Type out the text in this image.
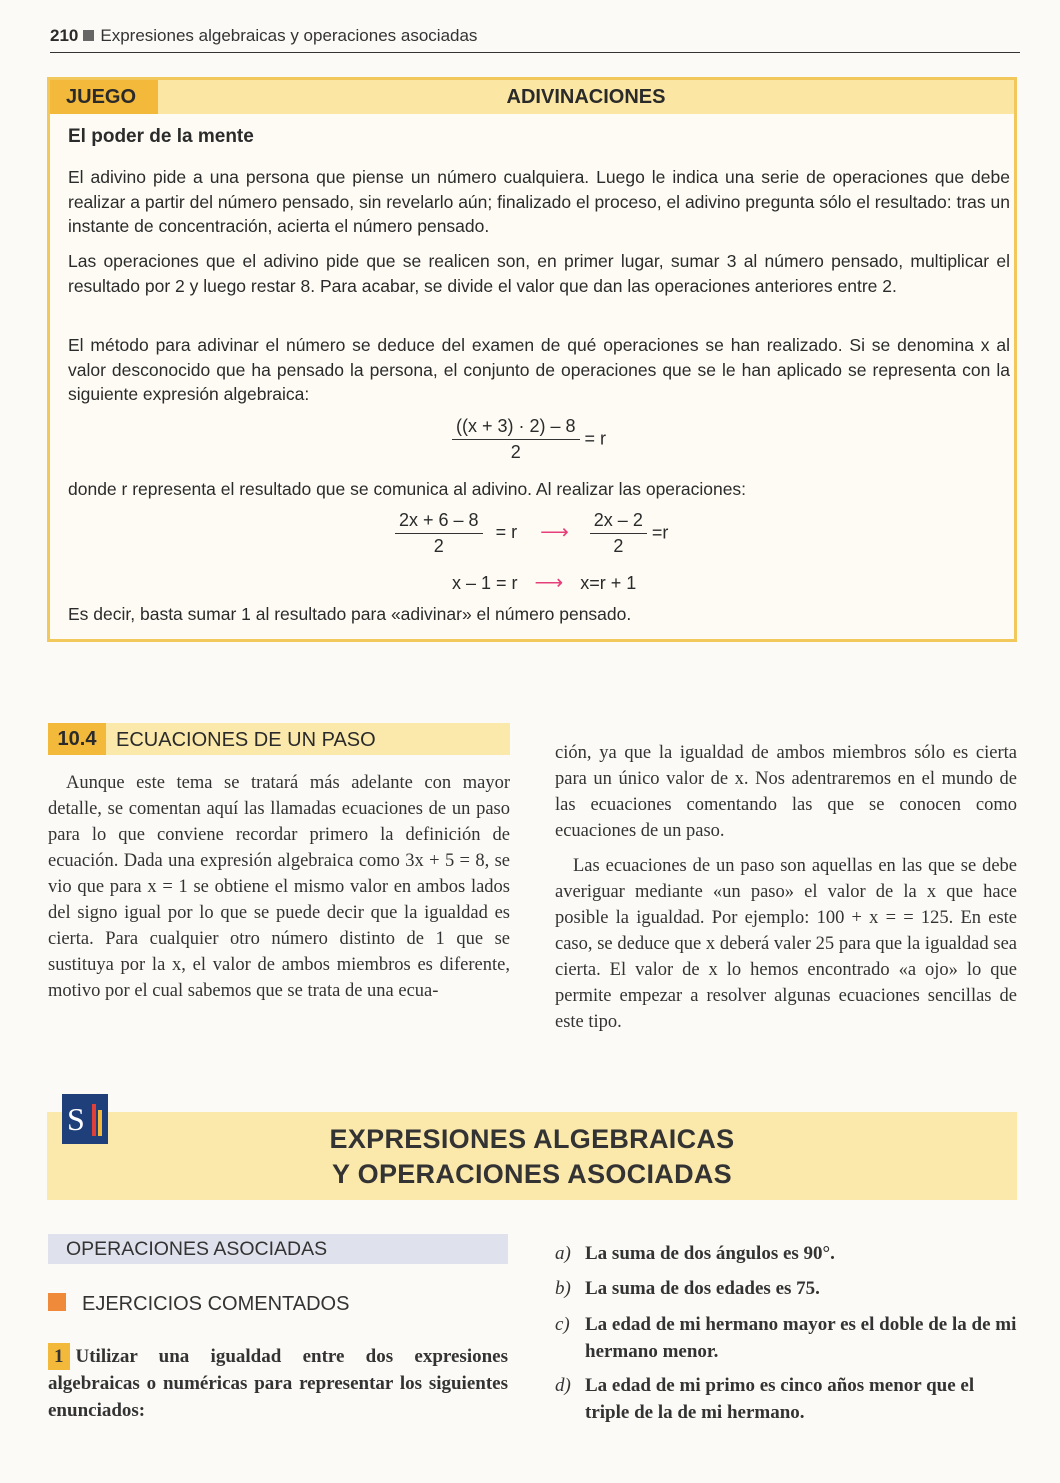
210 Expresiones algebraicas y operaciones asociadas
JUEGO	ADIVINACIONES
El poder de la mente

El adivino pide a una persona que piense un número cualquiera. Luego le indica una serie de operaciones que debe realizar a partir del número pensado, sin revelarlo aún; finalizado el proceso, el adivino pregunta sólo el resultado: tras un instante de concentración, acierta el número pensado.

Las operaciones que el adivino pide que se realicen son, en primer lugar, sumar 3 al número pensado, multiplicar el resultado por 2 y luego restar 8. Para acabar, se divide el valor que dan las operaciones anteriores entre 2.

El método para adivinar el número se deduce del examen de qué operaciones se han realizado. Si se denomina x al valor desconocido que ha pensado la persona, el conjunto de operaciones que se le han aplicado se representa con la siguiente expresión algebraica:

$\frac{((x + 3) \cdot 2) - 8}{2} = r$

donde r representa el resultado que se comunica al adivino. Al realizar las operaciones:

$\frac{2x + 6 - 8}{2} = r$ ⟶ $\frac{2x - 2}{2} =r$
x – 1 = r ⟶ x=r + 1

Es decir, basta sumar 1 al resultado para «adivinar» el número pensado.

10.4 ECUACIONES DE UN PASO

Aunque este tema se tratará más adelante con mayor detalle, se comentan aquí las llamadas ecuaciones de un paso para lo que conviene recordar primero la definición de ecuación. Dada una expresión algebraica como 3x + 5 = 8, se vio que para x = 1 se obtiene el mismo valor en ambos lados del signo igual por lo que se puede decir que la igualdad es cierta. Para cualquier otro número distinto de 1 que se sustituya por la x, el valor de ambos miembros es diferente, motivo por el cual sabemos que se trata de una ecua-

ción, ya que la igualdad de ambos miembros sólo es cierta para un único valor de x. Nos adentraremos en el mundo de las ecuaciones comentando las que se conocen como ecuaciones de un paso.

Las ecuaciones de un paso son aquellas en las que se debe averiguar mediante «un paso» el valor de la x que hace posible la igualdad. Por ejemplo: 100 + x = = 125. En este caso, se deduce que x deberá valer 25 para que la igualdad sea cierta. El valor de x lo hemos encontrado «a ojo» lo que permite empezar a resolver algunas ecuaciones sencillas de este tipo.

S
EXPRESIONES ALGEBRAICAS
Y OPERACIONES ASOCIADAS
OPERACIONES ASOCIADAS
EJERCICIOS COMENTADOS
1 Utilizar una igualdad entre dos expresiones algebraicas o numéricas para representar los siguientes enunciados:
a) La suma de dos ángulos es 90°.
b) La suma de dos edades es 75.
c) La edad de mi hermano mayor es el doble de la de mi hermano menor.
d) La edad de mi primo es cinco años menor que el triple de la de mi hermano.
